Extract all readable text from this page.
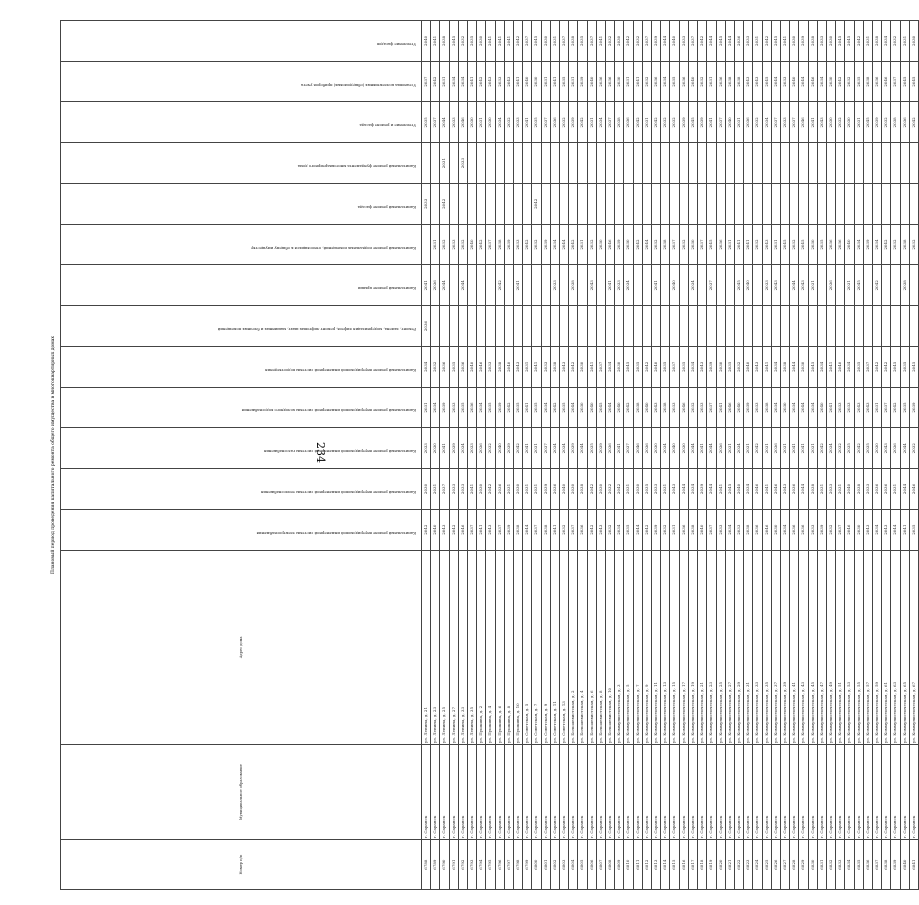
234
Плановый период проведения капитального ремонта общего имущества в многоквартирных домах
Номер п/п	Муниципальное образование	Адрес дома	Капитальный ремонт внутридомовой инженерной системы электроснабжения	Капитальный ремонт внутридомовой инженерной системы теплоснабжения	Капитальный ремонт внутридомовой инженерной системы газоснабжения	Капитальный ремонт внутридомовой инженерной системы холодного водоснабжения	Капитальный ремонт внутридомовой инженерной системы водоотведения	Ремонт, замена, модернизация лифтов, ремонт лифтовых шахт, машинных и блочных помещений	Капитальный ремонт крыши	Капитальный ремонт подвальных помещений, относящихся к общему имуществу	Капитальный ремонт фасада	Капитальный ремонт фундамента многоквартирного дома	Утепление и ремонт фасада	Установка коллективных (общедомовых) приборов учета	Утепление фасадов

6788	г. Саранск	ул. Ленина, д. 21	2042	2030	2033	2031	2034	2036	2041		2033		2035	2037	2040
6789	г. Саранск	ул. Ленина, д. 23	2040	2031	2030	2034	2032		2036	2031			2037	2042	2041
6790	г. Саранск	ул. Ленина, д. 25	2043	2037	2041	2039	2036		2044	2032	2042	2031	2044	2031	2038
6791	г. Саранск	ул. Ленина, д. 27	2042	2033	2039	2033	2035			2033			2033	2034	2045
6792	г. Саранск	ул. Ленина, д. 33	2046	2033	2034	2035	2036		2044	2032		2033	2046	2034	2032
6793	г. Саранск	ул. Ленина, д. 35	2037	2041	2033	2036	2040			2040			2030	2041	2035
6794	г. Саранск	ул. Пушкина, д. 2	2041	2030	2036	2034	2046			2042			2031	2042	2030
6795	г. Саранск	ул. Пушкина, д. 4	2043	2042	2032	2035	2033			2037			2030	2043	2041
6796	г. Саранск	ул. Пушкина, д. 6	2037	2036	2040	2039	2038		2042	2038			2034	2033	2041
6797	г. Саранск	ул. Пушкина, д. 8	2039	2031	2039	2042	2040			2039			2032	2043	2041
6798	г. Саранск	ул. Пушкина, д. 10	2038	2030	2042	2035	2043		2041	2033			2033	2041	2042
6799	г. Саранск	ул. Советская, д. 5	2044	2031	2041	2041	2031			2042			2041	2040	2037
6800	г. Саранск	ул. Советская, д. 7	2037	2031	2031	2035	2041			2032	2042		2035	2030	2045
6801	г. Саранск	ул. Советская, д. 9	2038	2039	2037	2034	2033			2039			2037	2031	2030
6802	г. Саранск	ул. Советская, д. 11	2041	2036	2034	2042	2038		2033	2034			2036	2041	2031
6803	г. Саранск	ул. Советская, д. 13	2032	2040	2034	2035	2043			2044			2032	2035	2037
6804	г. Саранск	ул. Большевистская, д. 2	2037	2030	2039	2044	2042		2038	2042			2039	2031	2038
6805	г. Саранск	ул. Большевистская, д. 4	2036	2038	2044	2030	2030			2031			2042	2039	2035
6806	г. Саранск	ул. Большевистская, д. 6	2042	2042	2035	2040	2041		2043	2032			2031	2040	2037
6807	г. Саранск	ул. Большевистская, д. 8	2043	2030	2039	2045	2037			2030			2034	2036	2041
6808	г. Саранск	ул. Большевистская, д. 10	2032	2032	2036	2044	2034		2041	2046			2037	2036	2032
6809	г. Саранск	ул. Коммунистическая, д. 3	2034	2042	2041	2040	2030		2033	2039			2038	2030	2030
6810	г. Саранск	ул. Коммунистическая, д. 5	2035	2031	2037	2042	2045		2034	2030			2036	2031	2042
6811	г. Саранск	ул. Коммунистическая, д. 7	2044	2030	2046	2038	2035			2042			2042	2041	2032
6812	г. Саранск	ул. Коммунистическая, д. 9	2042	2035	2036	2040	2042			2044			2031	2032	2037
6813	г. Саранск	ул. Коммунистическая, д. 11	2039	2033	2030	2043	2040		2041	2032			2042	2036	2039
6814	г. Саранск	ул. Коммунистическая, д. 13	2032	2031	2034	2038	2035			2038			2032	2034	2044
6815	г. Саранск	ул. Коммунистическая, д. 15	2031	2043	2040	2033	2037		2040	2037			2032	2035	2040
6816	г. Саранск	ул. Коммунистическая, д. 17	2036	2044	2030	2046	2035			2032			2039	2036	2033
6817	г. Саранск	ул. Коммунистическая, д. 19	2038	2034	2044	2032	2034		2034	2030			2045	2040	2037
6818	г. Саранск	ул. Коммунистическая, д. 21	2040	2039	2041	2033	2043			2037			2039	2032	2042
6819	г. Саранск	ул. Коммунистическая, д. 23	2037	2044	2044	2037	2039		2037	2045			2041	2031	2044
6820	г. Саранск	ул. Коммунистическая, д. 25	2033	2041	2036	2041	2030			2036			2037	2036	2045
6821	г. Саранск	ул. Коммунистическая, д. 27	2034	2045	2031	2046	2035			2031			2040	2038	2044
6822	г. Саранск	ул. Коммунистическая, д. 29	2033	2040	2034	2040	2032		2045	2041			2031	2038	2036
6823	г. Саранск	ул. Коммунистическая, д. 31	2038	2034	2031	2039	2040		2040	2041			2036	2043	2033
6824	г. Саранск	ул. Коммунистическая, д. 33	2036	2046	2042	2033	2043			2032			2032	2043	2031
6825	г. Саранск	ул. Коммунистическая, д. 35	2046	2041	2031	2038	2041		2033	2043			2034	2045	2042
6826	г. Саранск	ул. Коммунистическая, д. 37	2030	2046	2036	2034	2034		2043	2031			2037	2044	2045
6827	г. Саранск	ул. Коммунистическая, д. 39	2034	2043	2031	2030	2038			2045			2033	2033	2041
6828	г. Саранск	ул. Коммунистическая, д. 41	2036	2036	2041	2034	2044		2044	2032			2037	2040	2030
6829	г. Саранск	ул. Коммунистическая, д. 43	2036	2044	2041	2044	2030		2043	2045			2046	2044	2039
6830	г. Саранск	ул. Коммунистическая, д. 45	2033	2038	2031	2034	2045		2031	2030			2041	2046	2038
6831	г. Саранск	ул. Коммунистическая, д. 47	2039	2031	2042	2040	2034			2035			2043	2034	2033
6832	г. Саранск	ул. Коммунистическая, д. 49	2032	2033	2034	2041	2041		2036	2036			2030	2030	2030
6833	г. Саранск	ул. Коммунистическая, д. 51	2037	2031	2032	2033	2040			2036			2032	2042	2045
6834	г. Саранск	ул. Коммунистическая, д. 53	2046	2040	2035	2033	2034		2031	2040			2030	2032	2045
6835	г. Саранск	ул. Коммунистическая, д. 55	2030	2038	2042	2043	2035		2045	2034			2031	2035	2042
6836	г. Саранск	ул. Коммунистическая, д. 57	2043	2033	2035	2043	2037			2039			2045	2038	2031
6837	г. Саранск	ул. Коммунистическая, д. 59	2034	2036	2030	2031	2042		2042	2034			2039	2036	2038
6838	г. Саранск	ул. Коммунистическая, д. 61	2043	2036	2043	2037	2042			2042			2032	2046	2034
6839	г. Саранск	ул. Коммунистическая, д. 63	2044	2031	2036	2042	2045			2032			2038	2037	2032
6840	г. Саранск	ул. Коммунистическая, д. 65	2041	2044	2044	2035	2035		2038	2038			2036	2045	2031
6841	г. Саранск	ул. Коммунистическая, д. 67	2035	2046	2032	2039	2045			2032			2042	2045	2030
